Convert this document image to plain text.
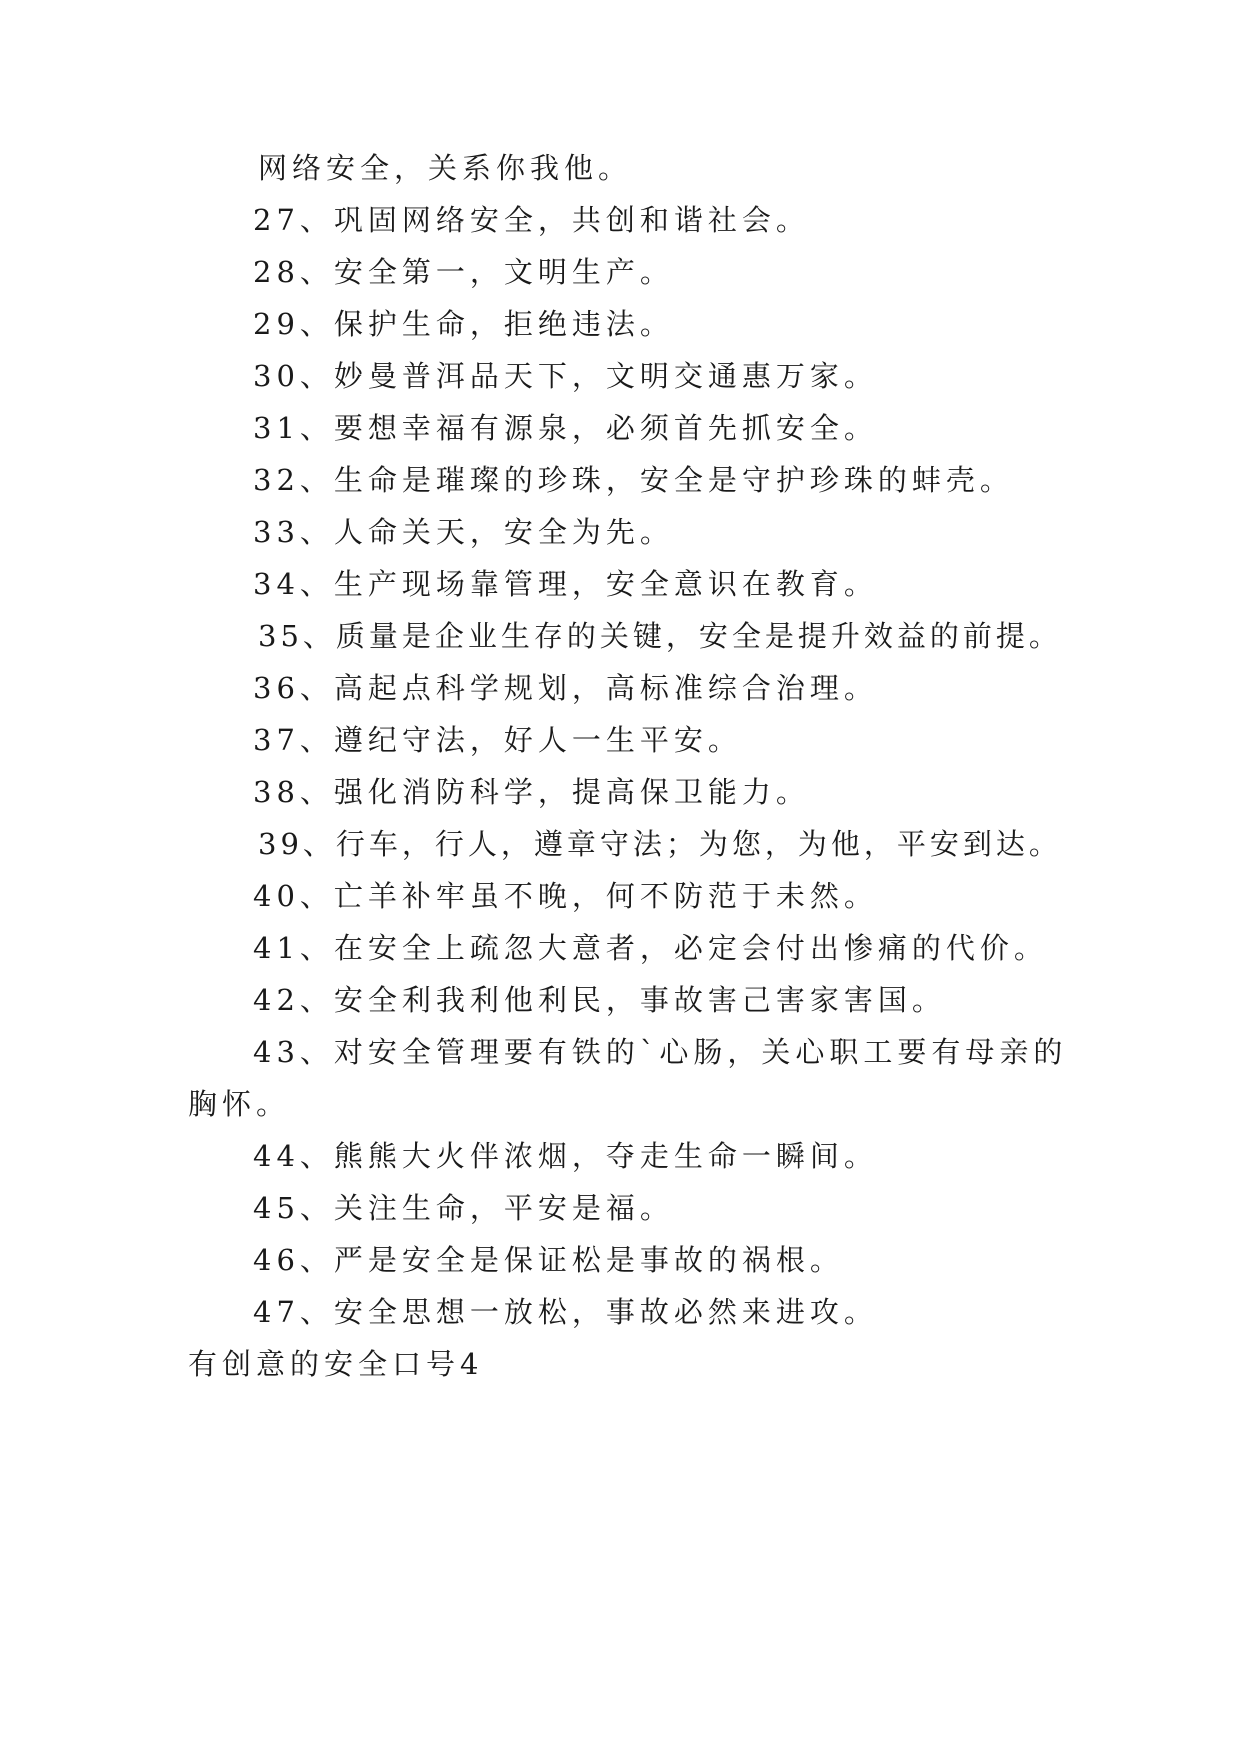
网络安全，关系你我他。
27、巩固网络安全，共创和谐社会。
28、安全第一，文明生产。
29、保护生命，拒绝违法。
30、妙曼普洱品天下，文明交通惠万家。
31、要想幸福有源泉，必须首先抓安全。
32、生命是璀璨的珍珠，安全是守护珍珠的蚌壳。
33、人命关天，安全为先。
34、生产现场靠管理，安全意识在教育。
35、质量是企业生存的关键，安全是提升效益的前提。
36、高起点科学规划，高标准综合治理。
37、遵纪守法，好人一生平安。
38、强化消防科学，提高保卫能力。
39、行车，行人，遵章守法；为您，为他，平安到达。
40、亡羊补牢虽不晚，何不防范于未然。
41、在安全上疏忽大意者，必定会付出惨痛的代价。
42、安全利我利他利民，事故害己害家害国。
43、对安全管理要有铁的`心肠，关心职工要有母亲的
胸怀。
44、熊熊大火伴浓烟，夺走生命一瞬间。
45、关注生命，平安是福。
46、严是安全是保证松是事故的祸根。
47、安全思想一放松，事故必然来进攻。
有创意的安全口号4
